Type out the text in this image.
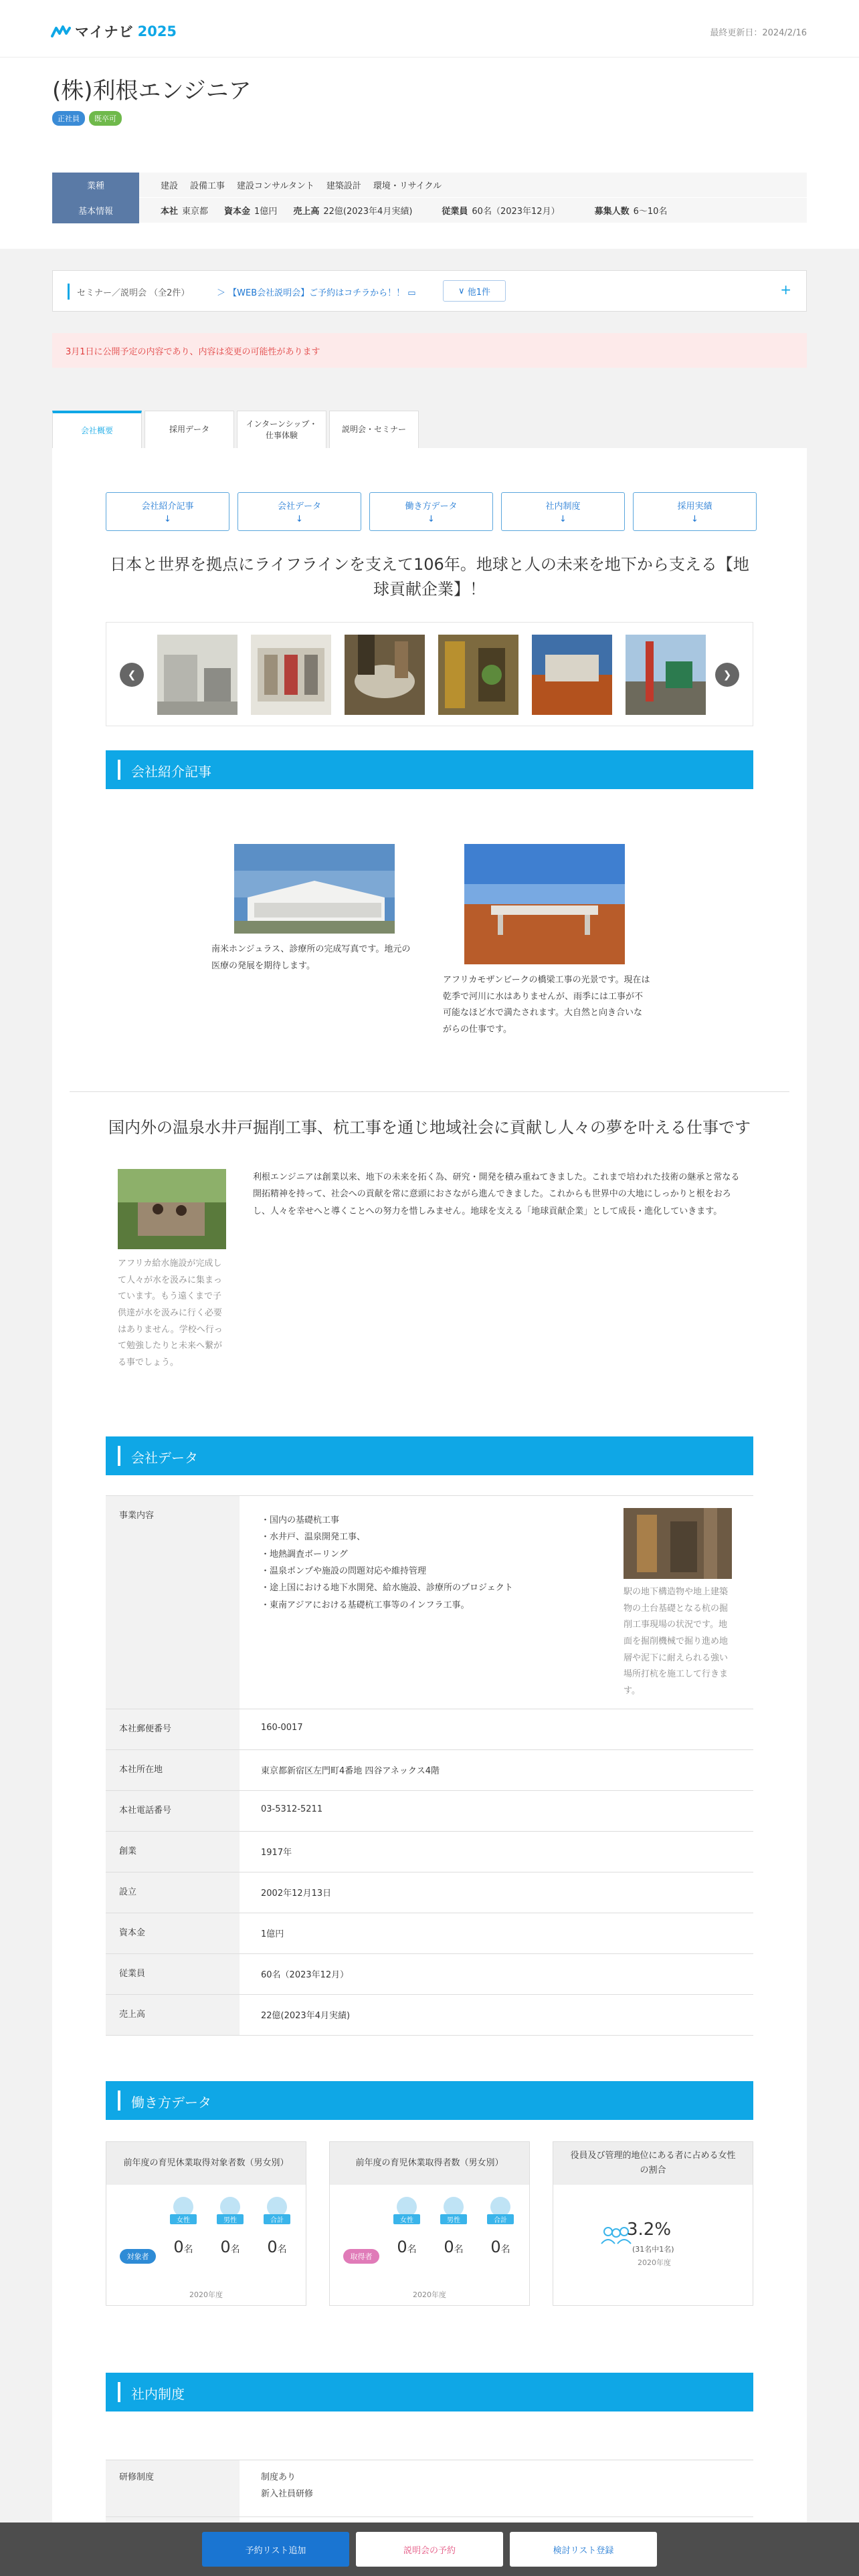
マイナビ 2025	最終更新日：2024/2/16
(株)利根エンジニア
正社員	既卒可
業種	建設 設備工事 建設コンサルタント 建築設計 環境・リサイクル
基本情報	本社 東京都 資本金 1億円 売上高 22億(2023年4月実績)	従業員 60名（2023年12月）	募集人数 6～10名
セミナー／説明会 （全2件）	＞ 【WEB会社説明会】ご予約はコチラから！！ ▭	∨ 他1件	+
3月1日に公開予定の内容であり、内容は変更の可能性があります
会社概要	採用データ
インターンシップ・
仕事体験
説明会・セミナー
会社紹介記事
↓
会社データ
↓
働き方データ
↓
社内制度
↓
採用実績
↓
日本と世界を拠点にライフラインを支えて106年。地球と人の未来を地下から支える【地球貢献企業】！
❮	❯
会社紹介記事
南米ホンジュラス、診療所の完成写真です。地元の医療の発展を期待します。
アフリカモザンビークの橋梁工事の光景です。現在は乾季で河川に水はありませんが、雨季には工事が不可能なほど水で満たされます。大自然と向き合いながらの仕事です。
国内外の温泉水井戸掘削工事、杭工事を通じ地域社会に貢献し人々の夢を叶える仕事です
アフリカ給水施設が完成して人々が水を汲みに集まっています。もう遠くまで子供達が水を汲みに行く必要はありません。学校へ行って勉強したりと未来へ繋がる事でしょう。
利根エンジニアは創業以来、地下の未来を拓く為、研究・開発を積み重ねてきました。これまで培われた技術の継承と常なる開拓精神を持って、社会への貢献を常に意頭におさながら進んできました。これからも世界中の大地にしっかりと根をおろし、人々を幸せへと導くことへの努力を惜しみません。地球を支える「地球貢献企業」として成長・進化していきます。
会社データ
事業内容
・	国内の基礎杭工事
・ 水井戸、温泉開発工事、
・ 地熱調査ボーリング
・ 温泉ポンプや施設の問題対応や維持管理
・ 途上国における地下水開発、給水施設、診療所のプロジェクト
・ 東南アジアにおける基礎杭工事等のインフラ工事。
駅の地下構造物や地上建築物の土台基礎となる杭の掘削工事現場の状況です。地面を掘削機械で掘り進め地層や泥下に耐えられる強い場所打杭を施工して行きます。
本社郵便番号	160-0017
本社所在地	東京都新宿区左門町4番地 四谷アネックス4階
本社電話番号	03-5312-5211
創業	1917年
設立	2002年12月13日
資本金	1億円
従業員	60名（2023年12月）
売上高	22億(2023年4月実績)
働き方データ
前年度の育児休業取得対象者数（男女別）
対象者
女性
0名
男性
0名
合計
0名
2020年度
前年度の育児休業取得者数（男女別）
取得者
女性
0名
男性
0名
合計
0名
2020年度
役員及び管理的地位にある者に占める女性の割合
3.2%
(31名中1名)
2020年度
社内制度
研修制度	制度あり
新入社員研修
予約リスト追加	説明会の予約	検討リスト登録
